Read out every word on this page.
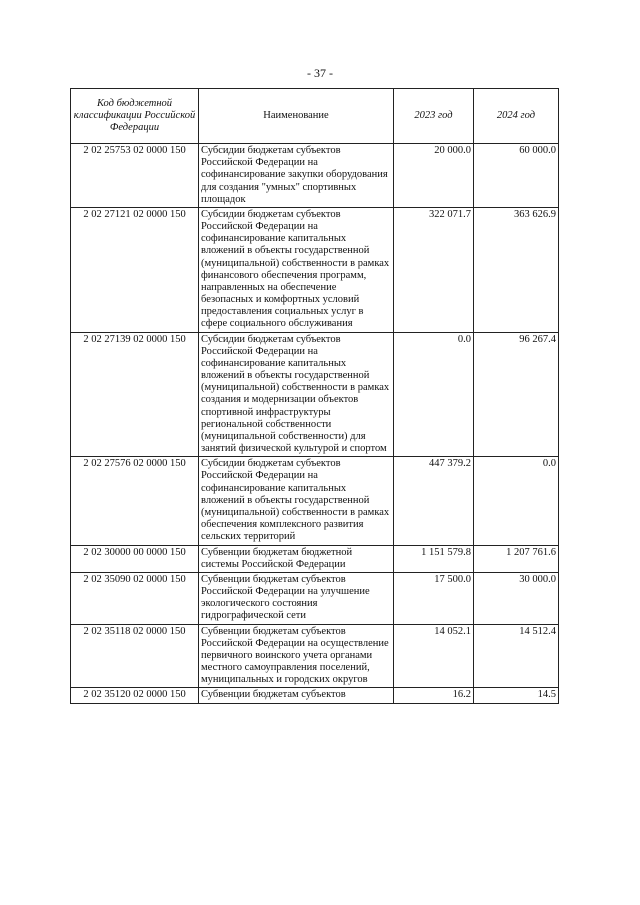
- 37 -
Код бюджетной классификации Российской Федерации	Наименование	2023 год	2024 год
2 02 25753 02 0000 150	Субсидии бюджетам субъектов Российской Федерации на софинансирование закупки оборудования для создания "умных" спортивных площадок	20 000.0	60 000.0
2 02 27121 02 0000 150	Субсидии бюджетам субъектов Российской Федерации на софинансирование капитальных вложений в объекты государственной (муниципальной) собственности в рамках финансового обеспечения программ, направленных на обеспечение безопасных и комфортных условий предоставления социальных услуг в сфере социального обслуживания	322 071.7	363 626.9
2 02 27139 02 0000 150	Субсидии бюджетам субъектов Российской Федерации на софинансирование капитальных вложений в объекты государственной (муниципальной) собственности в рамках создания и модернизации объектов спортивной инфраструктуры региональной собственности (муниципальной собственности) для занятий физической культурой и спортом	0.0	96 267.4
2 02 27576 02 0000 150	Субсидии бюджетам субъектов Российской Федерации на софинансирование капитальных вложений в объекты государственной (муниципальной) собственности в рамках обеспечения комплексного развития сельских территорий	447 379.2	0.0
2 02 30000 00 0000 150	Субвенции бюджетам бюджетной системы Российской Федерации	1 151 579.8	1 207 761.6
2 02 35090 02 0000 150	Субвенции бюджетам субъектов Российской Федерации на улучшение экологического состояния гидрографической сети	17 500.0	30 000.0
2 02 35118 02 0000 150	Субвенции бюджетам субъектов Российской Федерации на осуществление первичного воинского учета органами местного самоуправления поселений, муниципальных и городских округов	14 052.1	14 512.4
2 02 35120 02 0000 150	Субвенции бюджетам субъектов	16.2	14.5
